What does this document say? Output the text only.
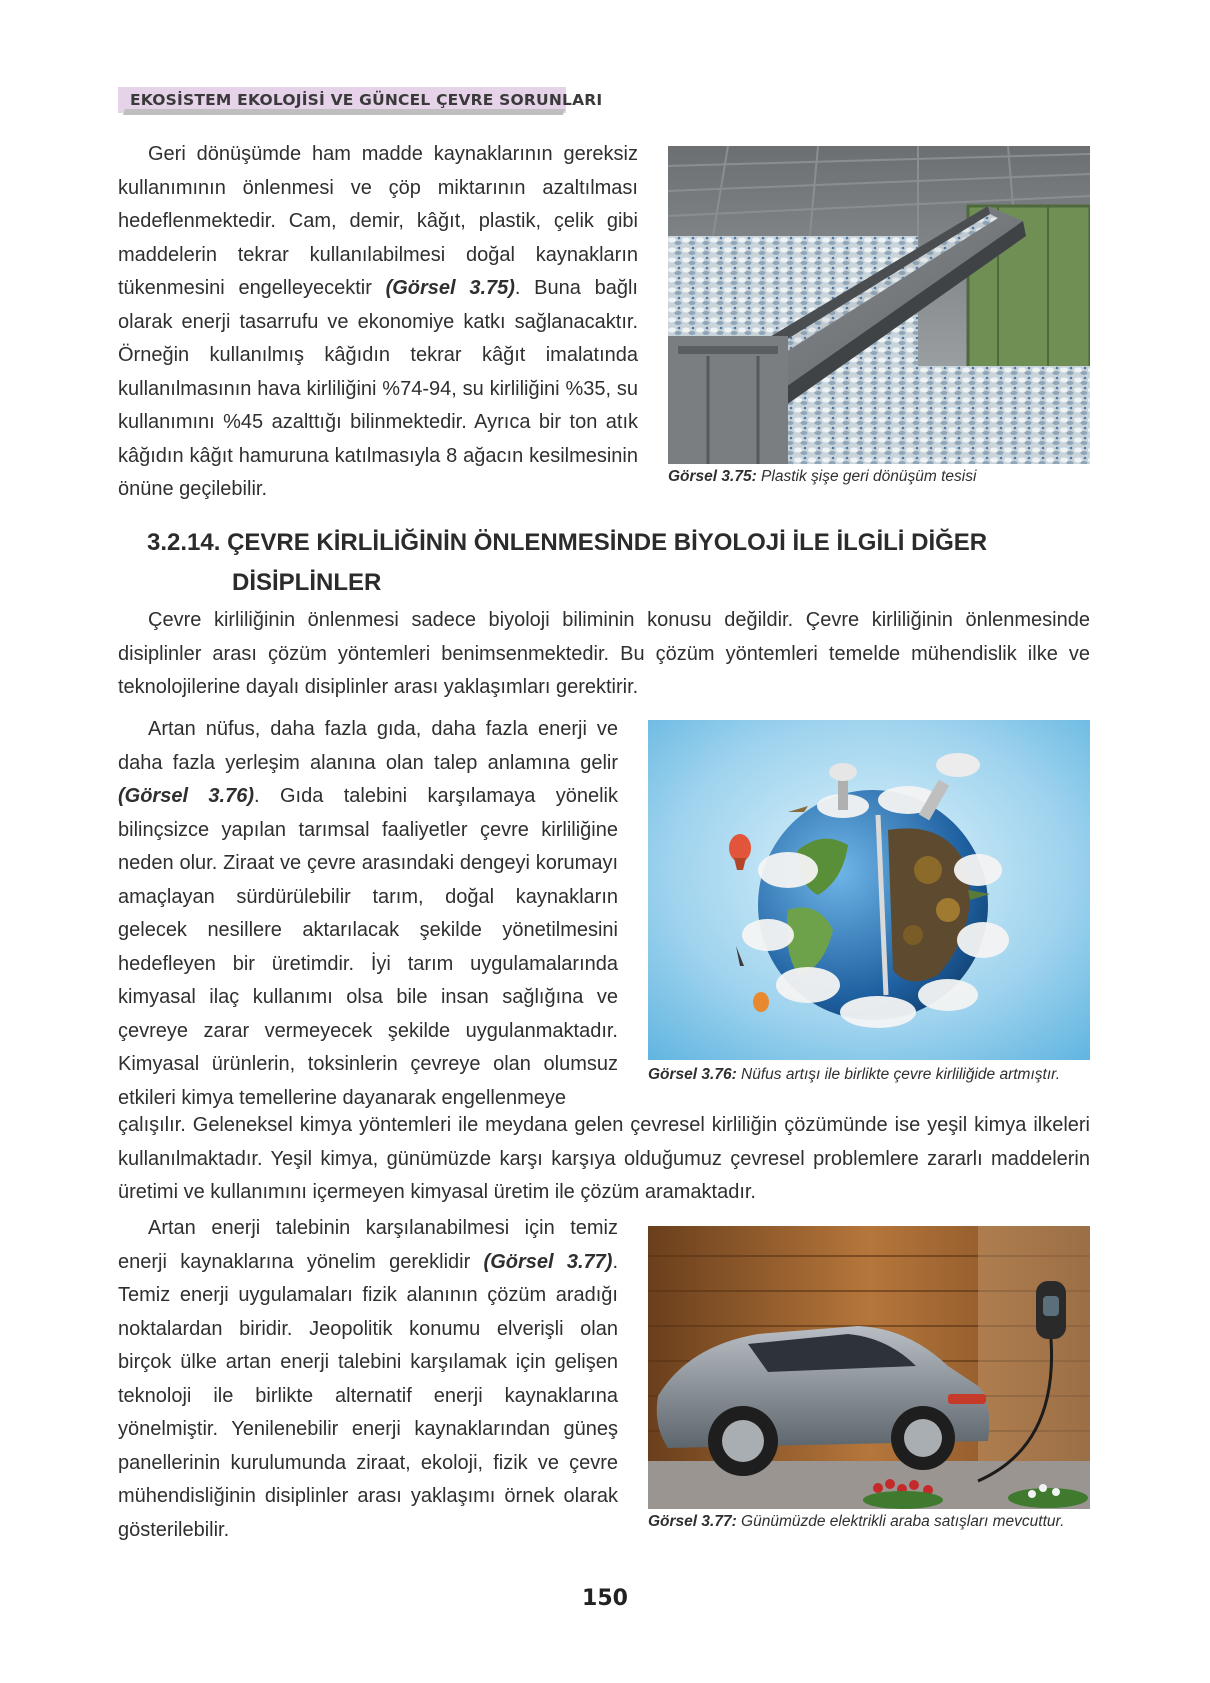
EKOSİSTEM EKOLOJİSİ VE GÜNCEL ÇEVRE SORUNLARI

Geri dönüşümde ham madde kaynaklarının gereksiz kullanımının önlenmesi ve çöp miktarının azaltılması hedeflenmektedir. Cam, demir, kâğıt, plastik, çelik gibi maddelerin tekrar kullanılabilmesi doğal kaynakların tükenmesini engelleyecektir (Görsel 3.75). Buna bağlı olarak enerji tasarrufu ve ekonomiye katkı sağlanacaktır. Örneğin kullanılmış kâğıdın tekrar kâğıt imalatında kullanılmasının hava kirliliğini %74-94, su kirliliğini %35, su kullanımını %45 azalttığı bilinmektedir. Ayrıca bir ton atık kâğıdın kâğıt hamuruna katılmasıyla 8 ağacın kesilmesinin önüne geçilebilir.

Görsel 3.75: Plastik şişe geri dönüşüm tesisi
3.2.14. ÇEVRE KİRLİLİĞİNİN ÖNLENMESİNDE BİYOLOJİ İLE İLGİLİ DİĞER
DİSİPLİNLER

Çevre kirliliğinin önlenmesi sadece biyoloji biliminin konusu değildir. Çevre kirliliğinin önlenmesinde disiplinler arası çözüm yöntemleri benimsenmektedir. Bu çözüm yöntemleri temelde mühendislik ilke ve teknolojilerine dayalı disiplinler arası yaklaşımları gerektirir.

Artan nüfus, daha fazla gıda, daha fazla enerji ve daha fazla yerleşim alanına olan talep anlamına gelir (Görsel 3.76). Gıda talebini karşılamaya yönelik bilinçsizce yapılan tarımsal faaliyetler çevre kirliliğine neden olur. Ziraat ve çevre arasındaki dengeyi korumayı amaçlayan sürdürülebilir tarım, doğal kaynakların gelecek nesillere aktarılacak şekilde yönetilmesini hedefleyen bir üretimdir. İyi tarım uygulamalarında kimyasal ilaç kullanımı olsa bile insan sağlığına ve çevreye zarar vermeyecek şekilde uygulanmaktadır. Kimyasal ürünlerin, toksinlerin çevreye olan olumsuz etkileri kimya temellerine dayanarak engellenmeye

Görsel 3.76: Nüfus artışı ile birlikte çevre kirliliğide artmıştır.

çalışılır. Geleneksel kimya yöntemleri ile meydana gelen çevresel kirliliğin çözümünde ise yeşil kimya ilkeleri kullanılmaktadır. Yeşil kimya, günümüzde karşı karşıya olduğumuz çevresel problemlere zararlı maddelerin üretimi ve kullanımını içermeyen kimyasal üretim ile çözüm aramaktadır.

Artan enerji talebinin karşılanabilmesi için temiz enerji kaynaklarına yönelim gereklidir (Görsel 3.77). Temiz enerji uygulamaları fizik alanının çözüm aradığı noktalardan biridir. Jeopolitik konumu elverişli olan birçok ülke artan enerji talebini karşılamak için gelişen teknoloji ile birlikte alternatif enerji kaynaklarına yönelmiştir. Yenilenebilir enerji kaynaklarından güneş panellerinin kurulumunda ziraat, ekoloji, fizik ve çevre mühendisliğinin disiplinler arası yaklaşımı örnek olarak gösterilebilir.	Görsel 3.77: Günümüzde elektrikli araba satışları mevcuttur.
150
